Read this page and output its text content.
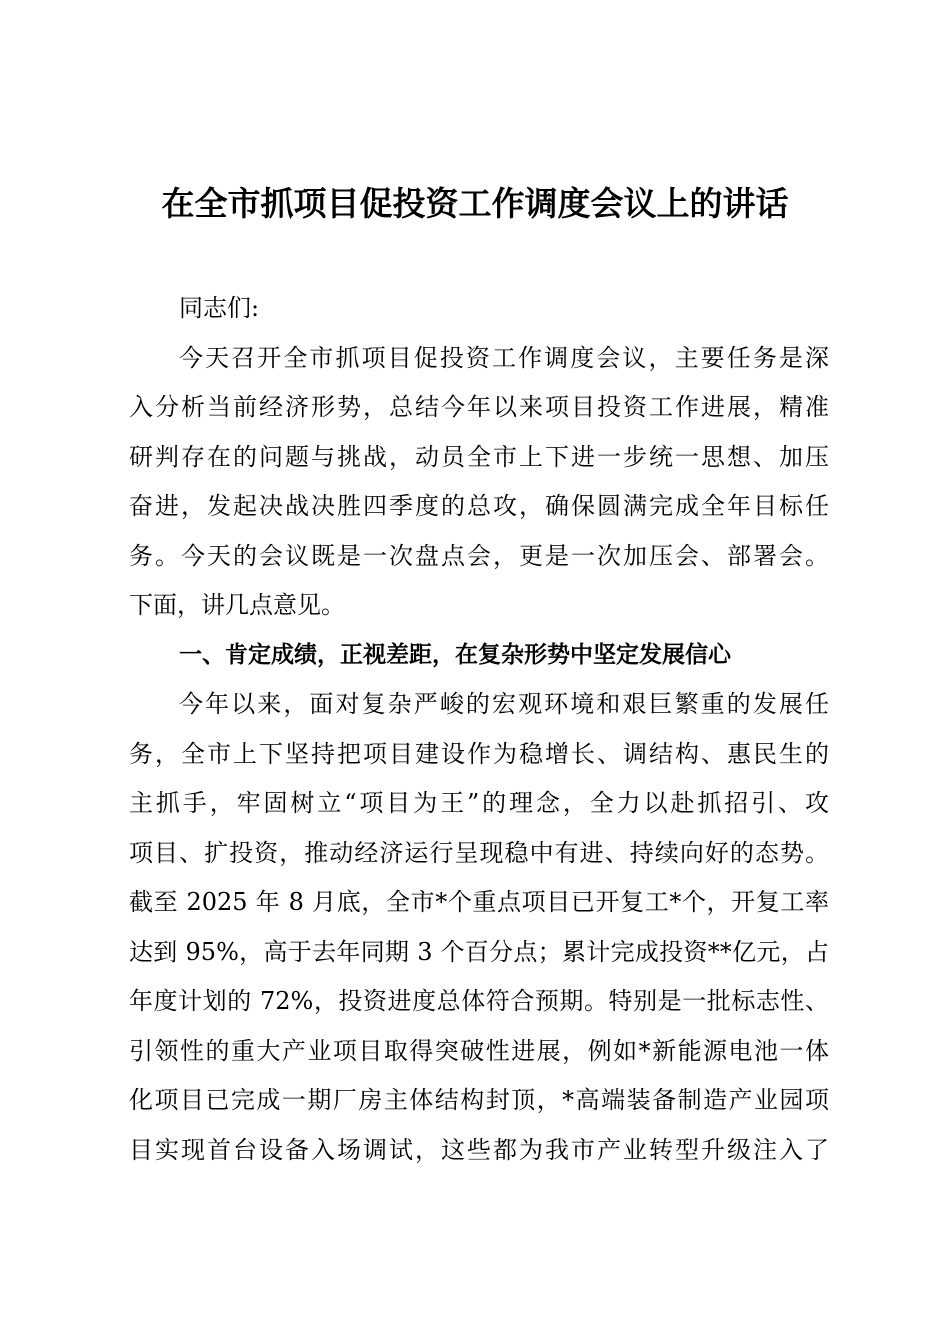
在全市抓项目促投资工作调度会议上的讲话
同志们:
今天召开全市抓项目促投资工作调度会议，主要任务是深
入分析当前经济形势，总结今年以来项目投资工作进展，精准
研判存在的问题与挑战，动员全市上下进一步统一思想、加压
奋进，发起决战决胜四季度的总攻，确保圆满完成全年目标任
务。今天的会议既是一次盘点会，更是一次加压会、部署会。
下面，讲几点意见。
一、肯定成绩，正视差距，在复杂形势中坚定发展信心
今年以来，面对复杂严峻的宏观环境和艰巨繁重的发展任
务，全市上下坚持把项目建设作为稳增长、调结构、惠民生的
主抓手，牢固树立“项目为王”的理念，全力以赴抓招引、攻
项目、扩投资，推动经济运行呈现稳中有进、持续向好的态势。
截至 2025 年 8 月底，全市*个重点项目已开复工*个，开复工率
达到 95%，高于去年同期 3 个百分点；累计完成投资**亿元，占
年度计划的 72%，投资进度总体符合预期。特别是一批标志性、
引领性的重大产业项目取得突破性进展，例如*新能源电池一体
化项目已完成一期厂房主体结构封顶，*高端装备制造产业园项
目实现首台设备入场调试，这些都为我市产业转型升级注入了
